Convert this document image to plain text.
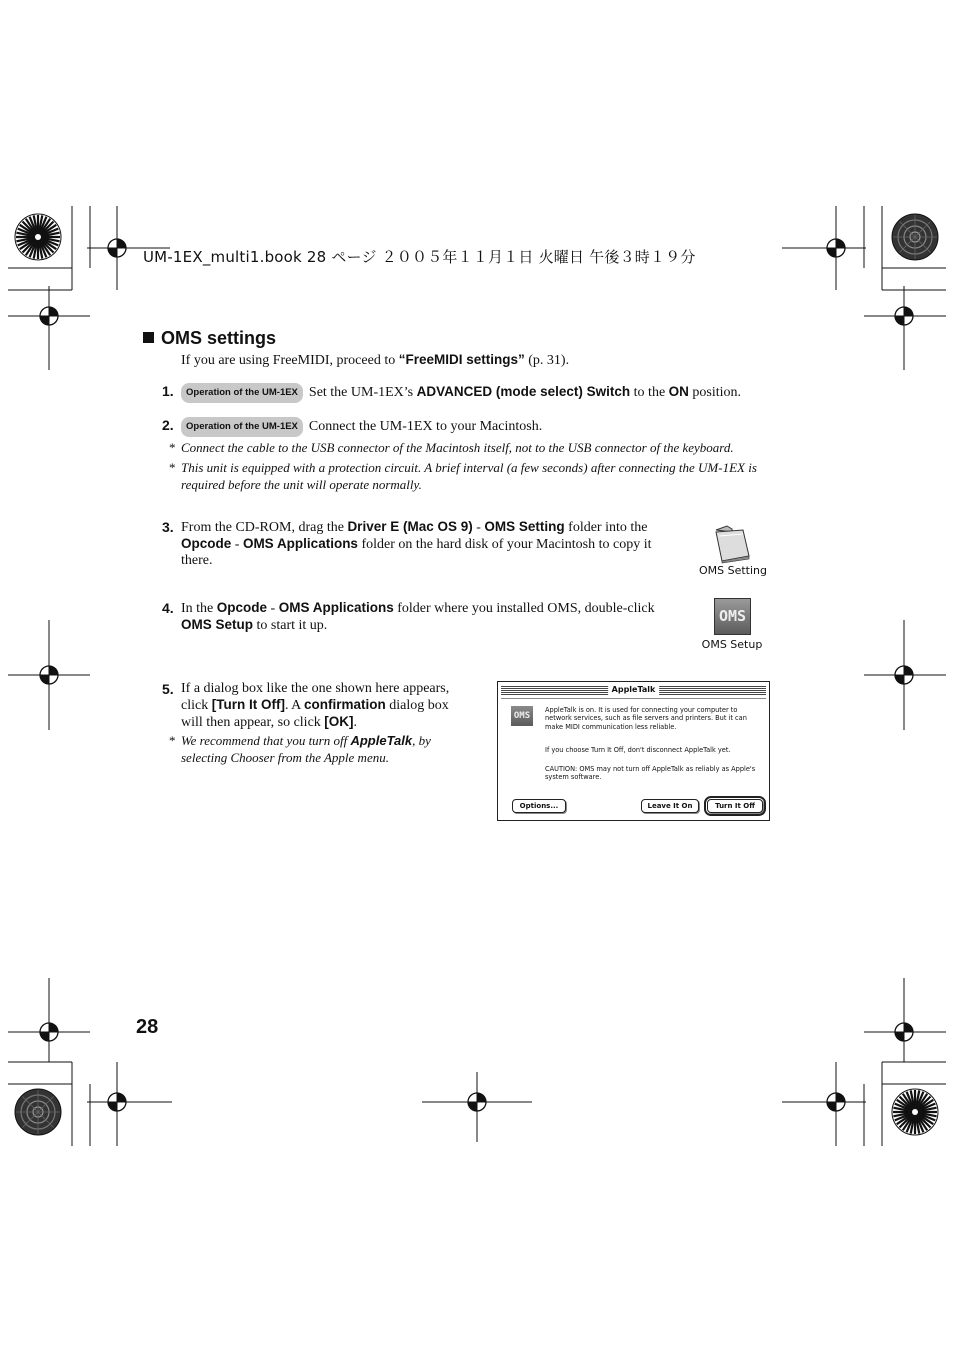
UM-1EX_multi1.book 28 ページ ２００５年１１月１日 火曜日 午後３時１９分
OMS settings
If you are using FreeMIDI, proceed to “FreeMIDI settings” (p. 31).
1. Operation of the UM-1EX Set the UM-1EX’s ADVANCED (mode select) Switch to the ON position.
2. Operation of the UM-1EX Connect the UM-1EX to your Macintosh.
* Connect the cable to the USB connector of the Macintosh itself, not to the USB connector of the keyboard.
* This unit is equipped with a protection circuit. A brief interval (a few seconds) after connecting the UM-1EX is required before the unit will operate normally.
3. From the CD-ROM, drag the Driver E (Mac OS 9) - OMS Setting folder into the Opcode - OMS Applications folder on the hard disk of your Macintosh to copy it there.
OMS Setting
4. In the Opcode - OMS Applications folder where you installed OMS, double-click OMS Setup to start it up.
OMS
OMS Setup
5. If a dialog box like the one shown here appears, click [Turn It Off]. A confirmation dialog box will then appear, so click [OK].
* We recommend that you turn off AppleTalk, by selecting Chooser from the Apple menu.
AppleTalk
OMS
AppleTalk is on. It is used for connecting your computer to network services, such as file servers and printers. But it can make MIDI communication less reliable.
If you choose Turn It Off, don't disconnect AppleTalk yet.
CAUTION: OMS may not turn off AppleTalk as reliably as Apple's system software.
Options...	Leave It On	Turn It Off
28
